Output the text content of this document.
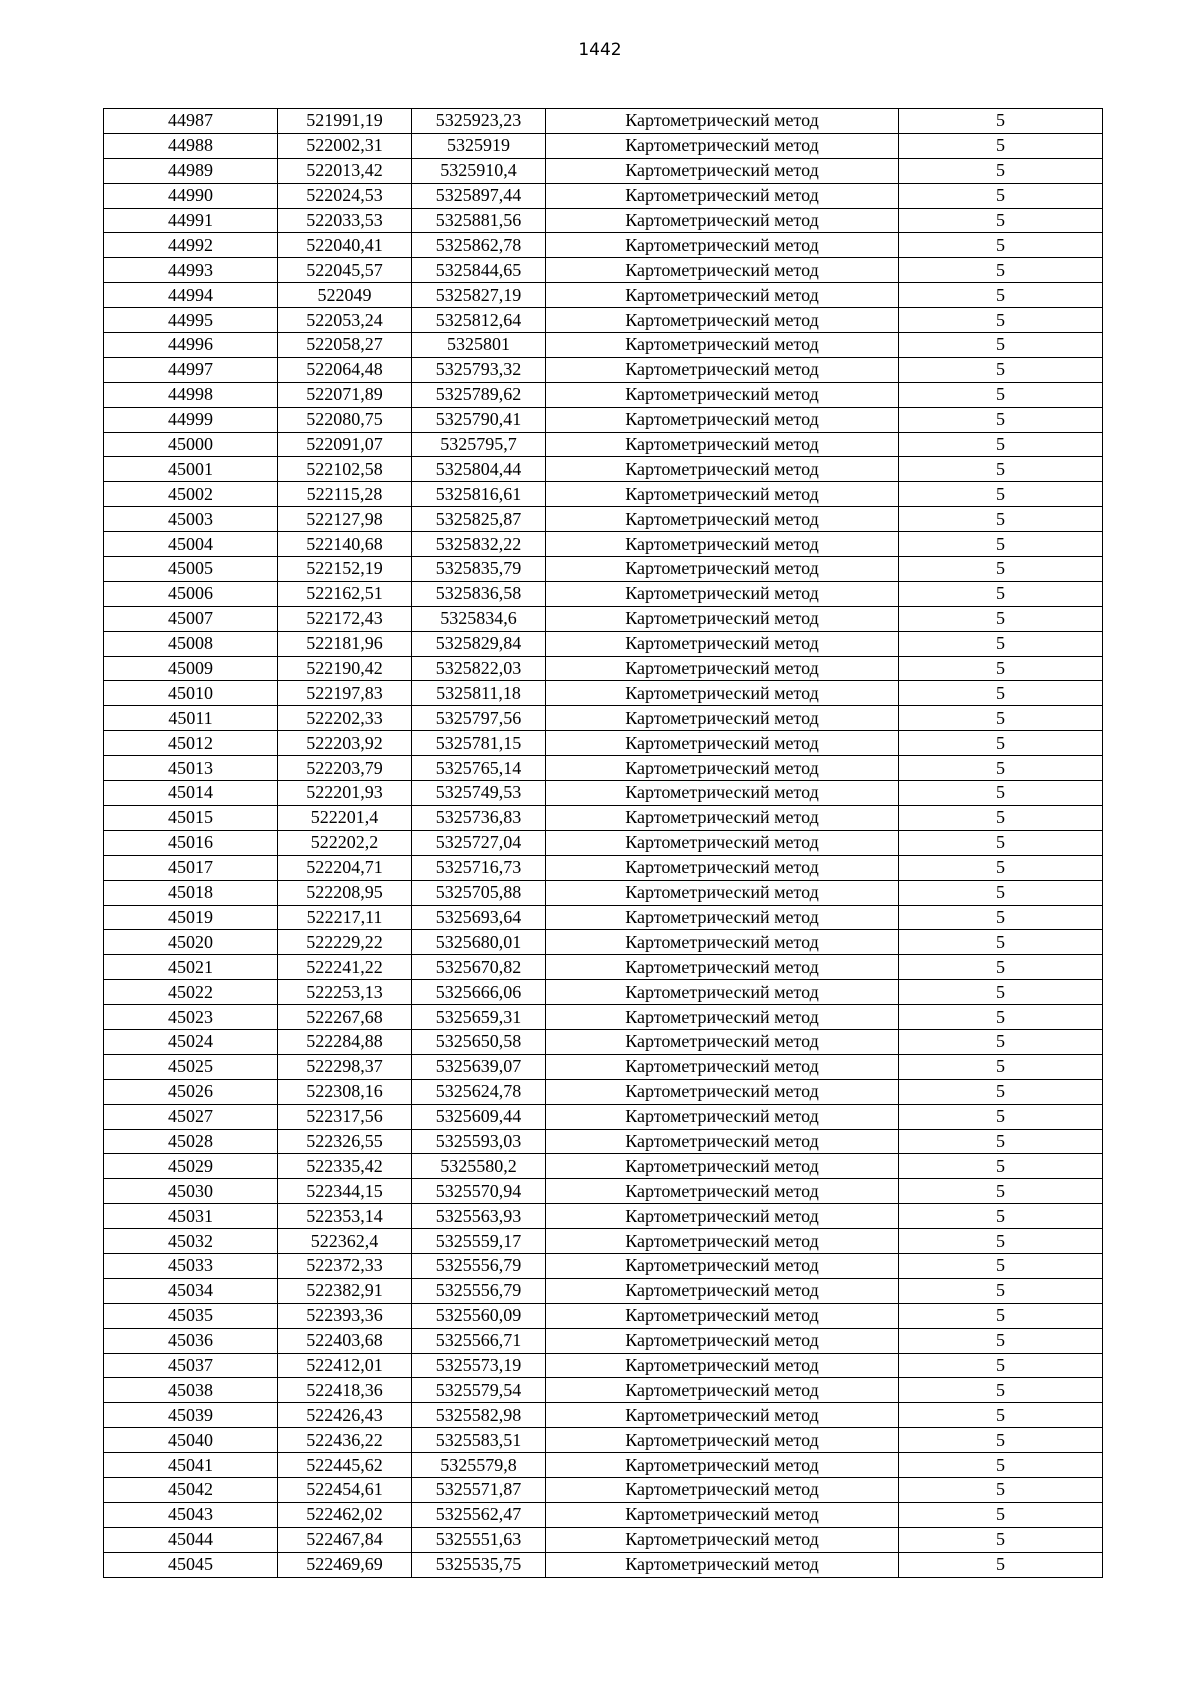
1442
44987	521991,19	5325923,23	Картометрический метод	5
44988	522002,31	5325919	Картометрический метод	5
44989	522013,42	5325910,4	Картометрический метод	5
44990	522024,53	5325897,44	Картометрический метод	5
44991	522033,53	5325881,56	Картометрический метод	5
44992	522040,41	5325862,78	Картометрический метод	5
44993	522045,57	5325844,65	Картометрический метод	5
44994	522049	5325827,19	Картометрический метод	5
44995	522053,24	5325812,64	Картометрический метод	5
44996	522058,27	5325801	Картометрический метод	5
44997	522064,48	5325793,32	Картометрический метод	5
44998	522071,89	5325789,62	Картометрический метод	5
44999	522080,75	5325790,41	Картометрический метод	5
45000	522091,07	5325795,7	Картометрический метод	5
45001	522102,58	5325804,44	Картометрический метод	5
45002	522115,28	5325816,61	Картометрический метод	5
45003	522127,98	5325825,87	Картометрический метод	5
45004	522140,68	5325832,22	Картометрический метод	5
45005	522152,19	5325835,79	Картометрический метод	5
45006	522162,51	5325836,58	Картометрический метод	5
45007	522172,43	5325834,6	Картометрический метод	5
45008	522181,96	5325829,84	Картометрический метод	5
45009	522190,42	5325822,03	Картометрический метод	5
45010	522197,83	5325811,18	Картометрический метод	5
45011	522202,33	5325797,56	Картометрический метод	5
45012	522203,92	5325781,15	Картометрический метод	5
45013	522203,79	5325765,14	Картометрический метод	5
45014	522201,93	5325749,53	Картометрический метод	5
45015	522201,4	5325736,83	Картометрический метод	5
45016	522202,2	5325727,04	Картометрический метод	5
45017	522204,71	5325716,73	Картометрический метод	5
45018	522208,95	5325705,88	Картометрический метод	5
45019	522217,11	5325693,64	Картометрический метод	5
45020	522229,22	5325680,01	Картометрический метод	5
45021	522241,22	5325670,82	Картометрический метод	5
45022	522253,13	5325666,06	Картометрический метод	5
45023	522267,68	5325659,31	Картометрический метод	5
45024	522284,88	5325650,58	Картометрический метод	5
45025	522298,37	5325639,07	Картометрический метод	5
45026	522308,16	5325624,78	Картометрический метод	5
45027	522317,56	5325609,44	Картометрический метод	5
45028	522326,55	5325593,03	Картометрический метод	5
45029	522335,42	5325580,2	Картометрический метод	5
45030	522344,15	5325570,94	Картометрический метод	5
45031	522353,14	5325563,93	Картометрический метод	5
45032	522362,4	5325559,17	Картометрический метод	5
45033	522372,33	5325556,79	Картометрический метод	5
45034	522382,91	5325556,79	Картометрический метод	5
45035	522393,36	5325560,09	Картометрический метод	5
45036	522403,68	5325566,71	Картометрический метод	5
45037	522412,01	5325573,19	Картометрический метод	5
45038	522418,36	5325579,54	Картометрический метод	5
45039	522426,43	5325582,98	Картометрический метод	5
45040	522436,22	5325583,51	Картометрический метод	5
45041	522445,62	5325579,8	Картометрический метод	5
45042	522454,61	5325571,87	Картометрический метод	5
45043	522462,02	5325562,47	Картометрический метод	5
45044	522467,84	5325551,63	Картометрический метод	5
45045	522469,69	5325535,75	Картометрический метод	5
